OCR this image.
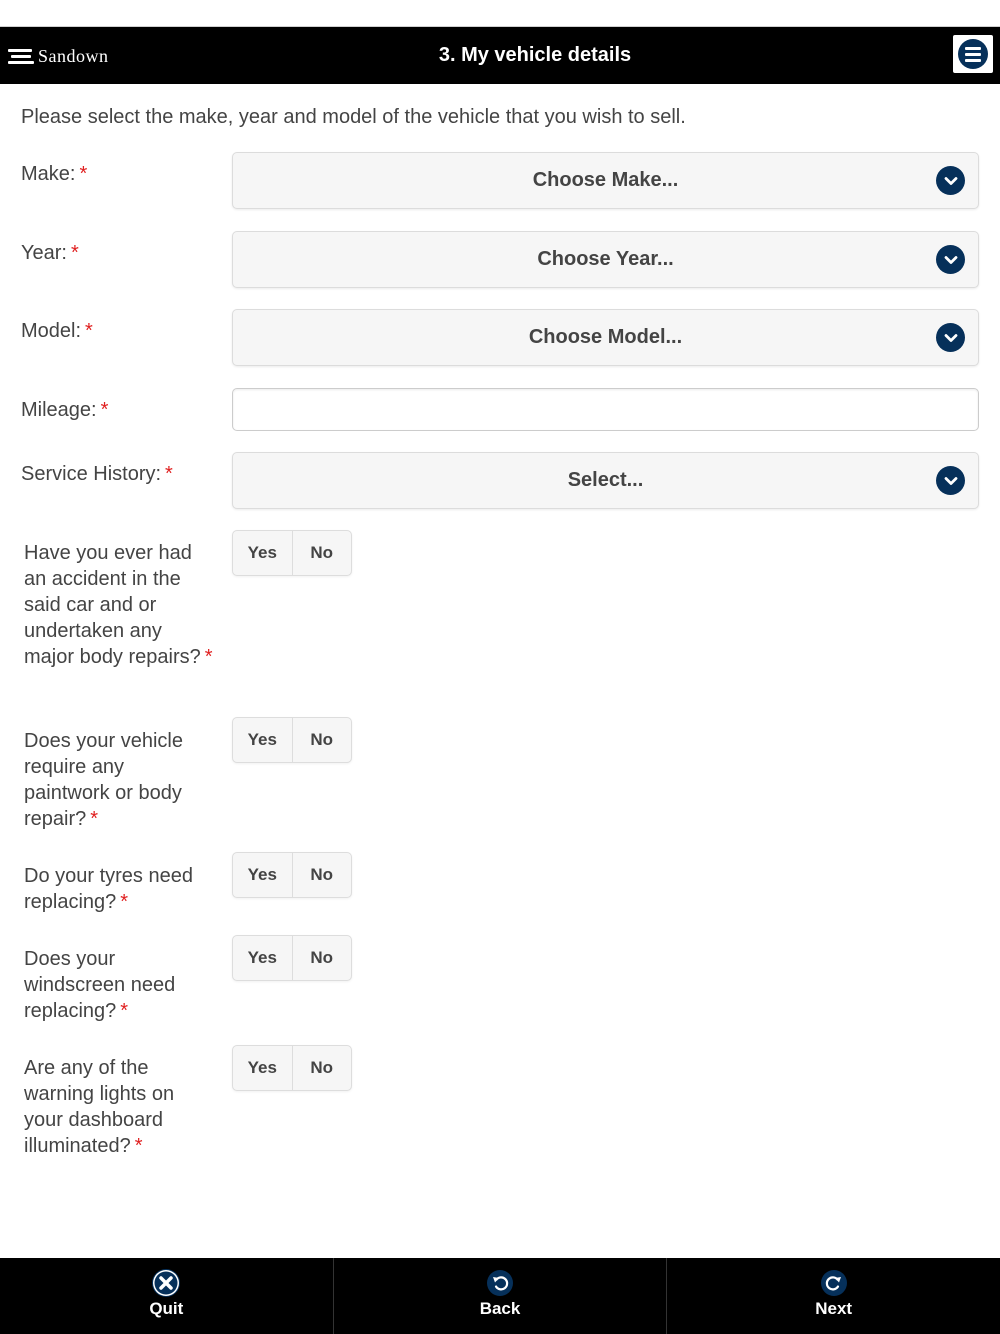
Sandown	3. My vehicle details
Please select the make, year and model of the vehicle that you wish to sell.
Make: *	Choose Make...
Year: *	Choose Year...
Model: *	Choose Model...
Mileage: *
Service History: *	Select...
Have you ever had an accident in the said car and or undertaken any major body repairs? *
Yes	No
Does your vehicle require any paintwork or body repair? *
Yes	No
Do your tyres need replacing? *
Yes	No
Does your windscreen need replacing? *
Yes	No
Are any of the warning lights on your dashboard illuminated? *
Yes	No
Quit	Back	Next
